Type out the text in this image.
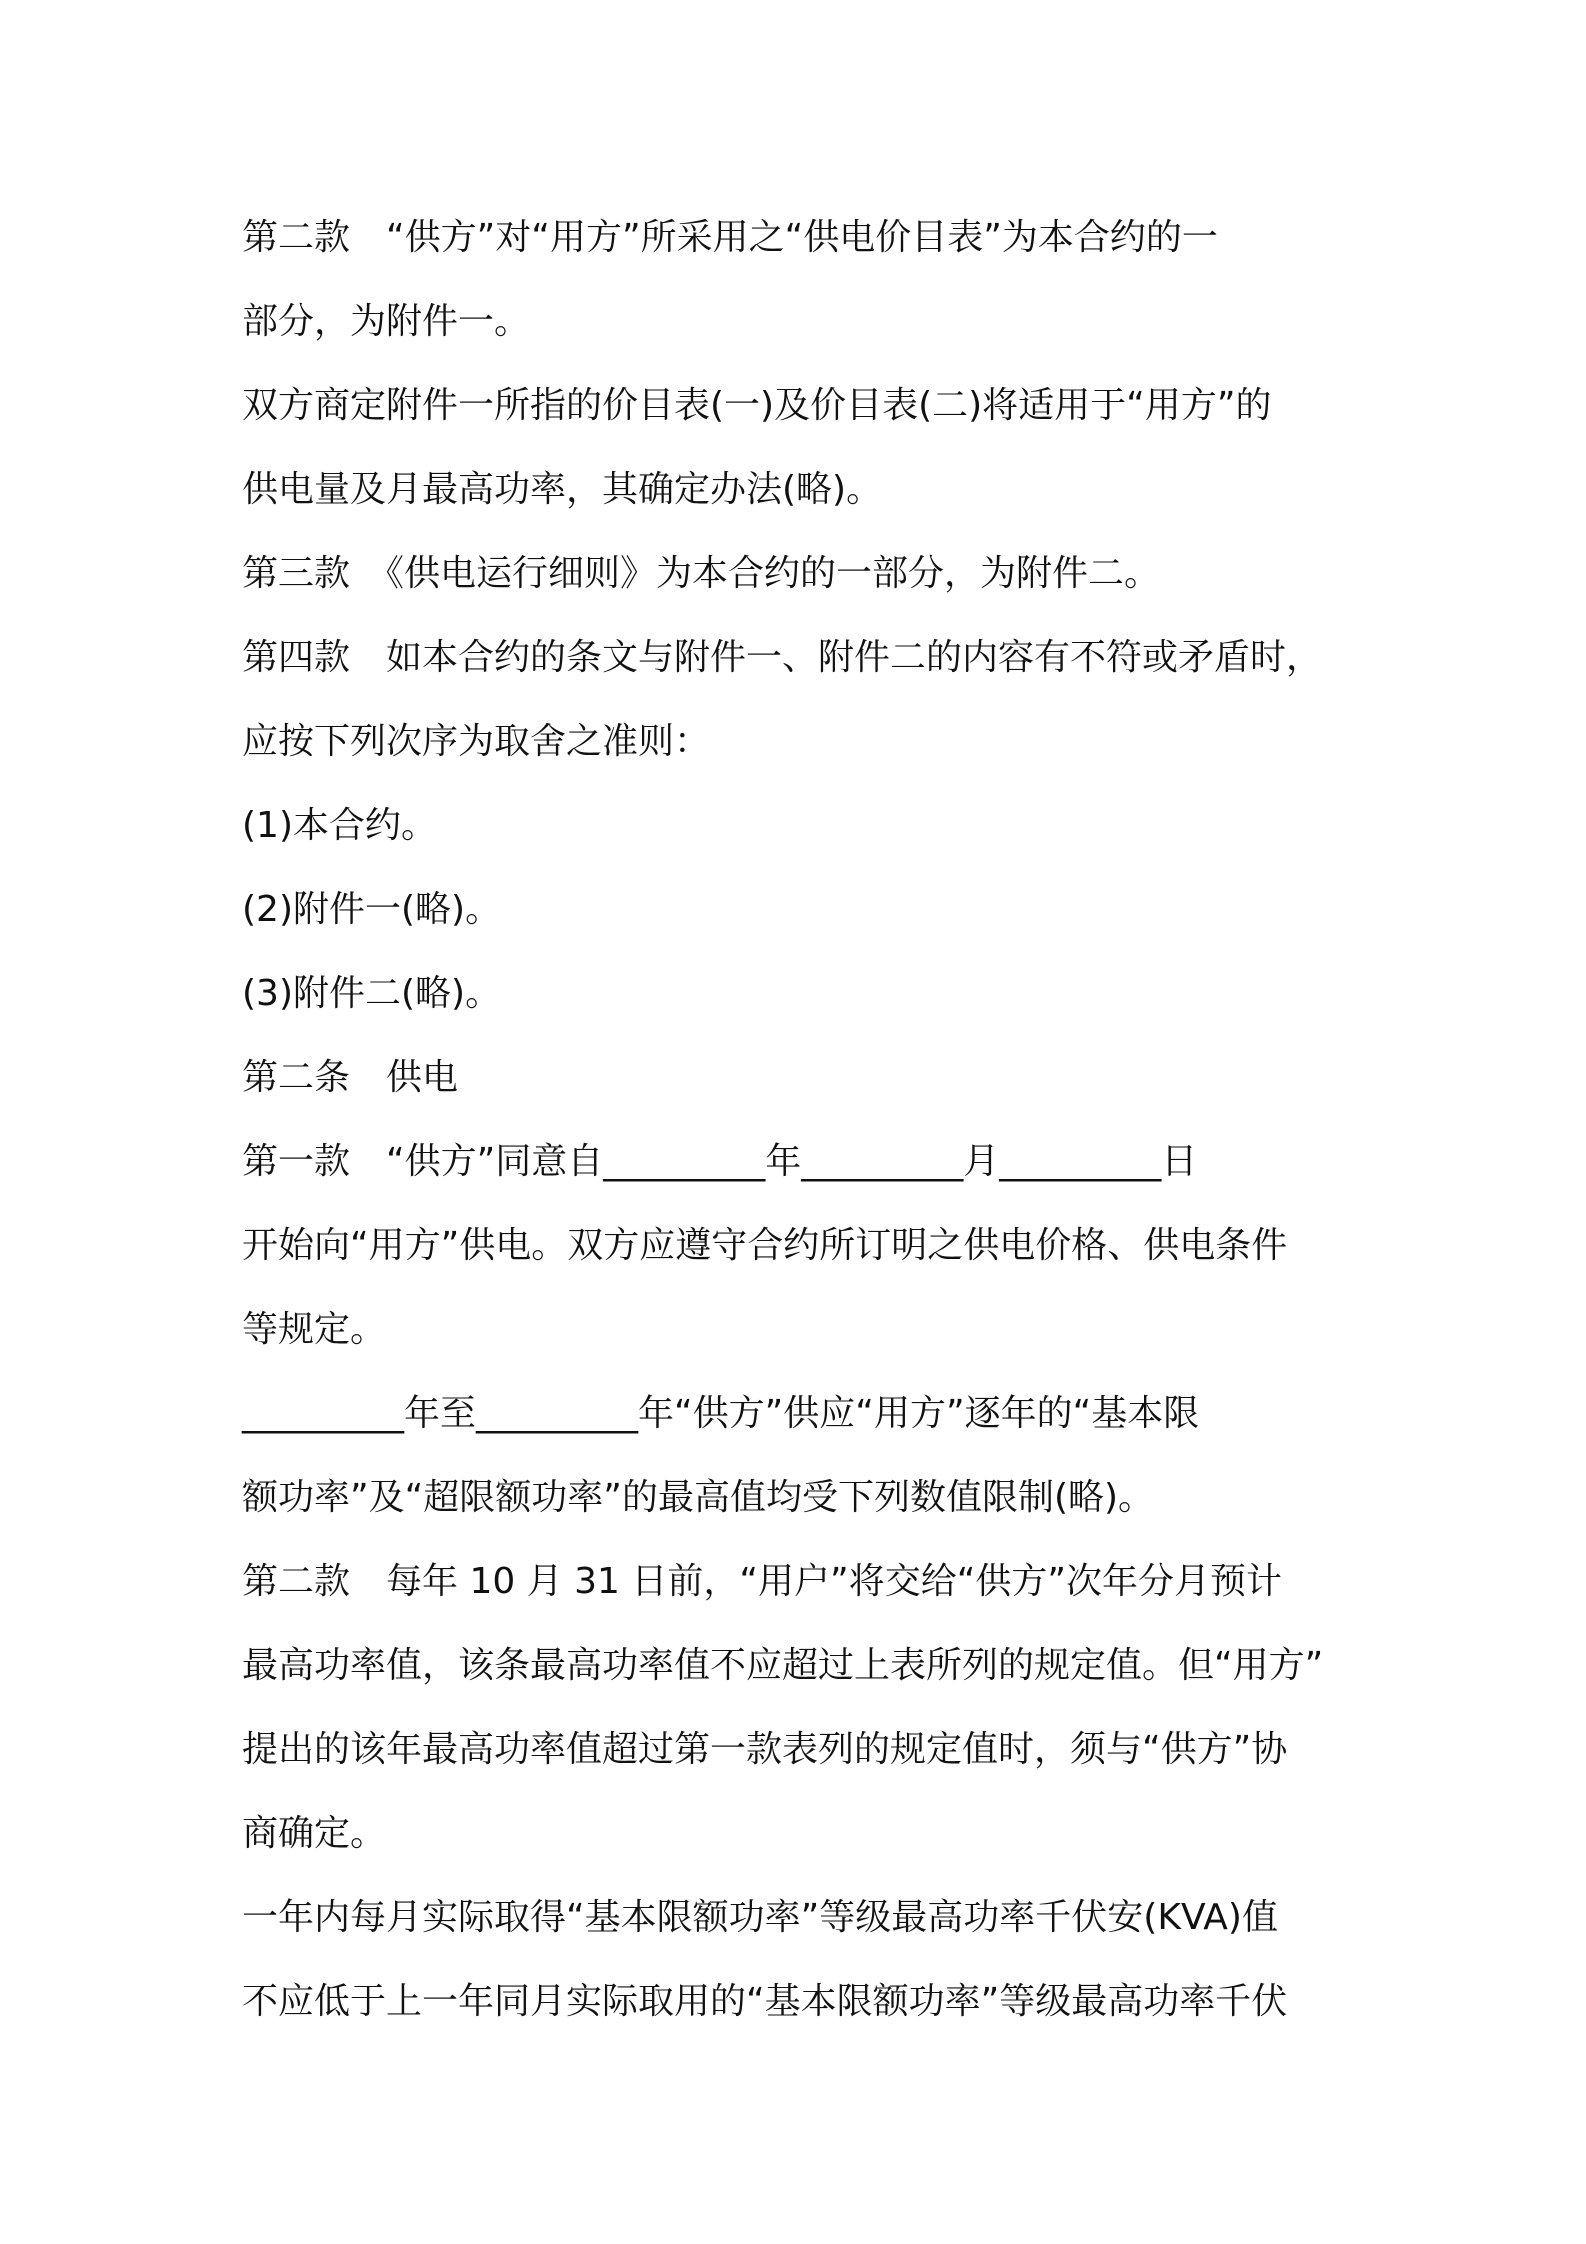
第二款　“供方”对“用方”所采用之“供电价目表”为本合约的一
部分，为附件一。
双方商定附件一所指的价目表(一)及价目表(二)将适用于“用方”的
供电量及月最高功率，其确定办法(略)。
第三款　《供电运行细则》为本合约的一部分，为附件二。
第四款　如本合约的条文与附件一、附件二的内容有不符或矛盾时，
应按下列次序为取舍之准则：
(1)本合约。
(2)附件一(略)。
(3)附件二(略)。
第二条　供电
第一款　“供方”同意自_________年_________月_________日
开始向“用方”供电。双方应遵守合约所订明之供电价格、供电条件
等规定。
_________年至_________年“供方”供应“用方”逐年的“基本限
额功率”及“超限额功率”的最高值均受下列数值限制(略)。
第二款　每年 10 月 31 日前，“用户”将交给“供方”次年分月预计
最高功率值，该条最高功率值不应超过上表所列的规定值。但“用方”
提出的该年最高功率值超过第一款表列的规定值时，须与“供方”协
商确定。
一年内每月实际取得“基本限额功率”等级最高功率千伏安(KVA)值
不应低于上一年同月实际取用的“基本限额功率”等级最高功率千伏
